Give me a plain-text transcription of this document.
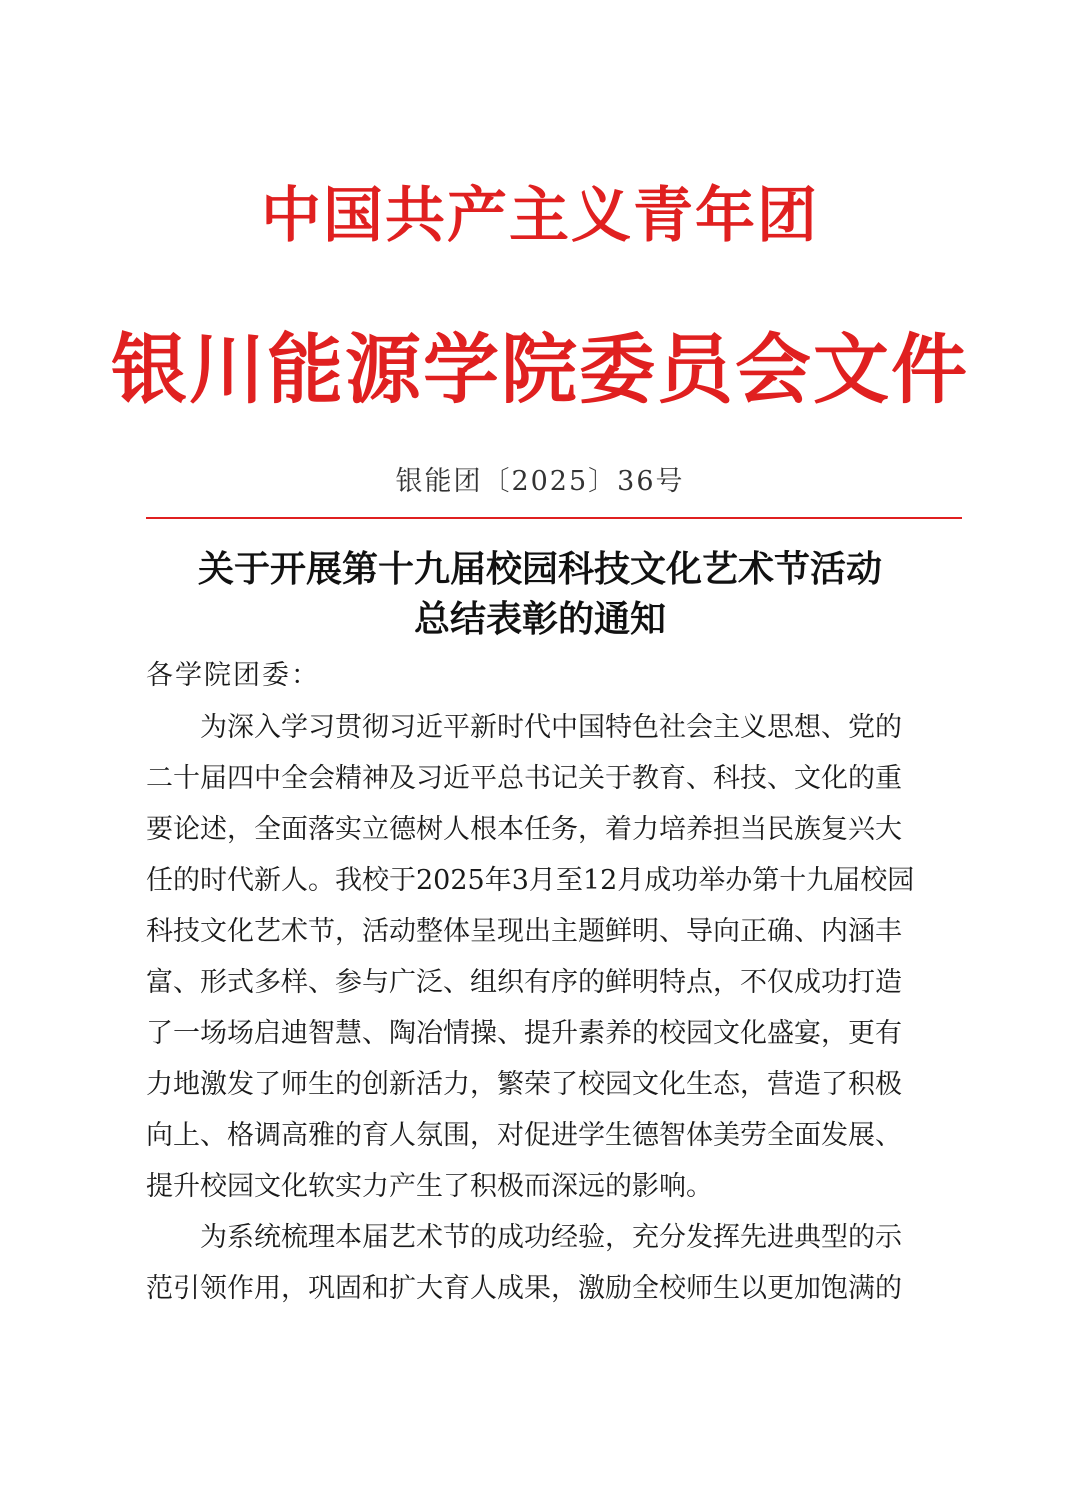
中国共产主义青年团
银川能源学院委员会文件
银能团〔2025〕36号
关于开展第十九届校园科技文化艺术节活动
总结表彰的通知
各学院团委：
为深入学习贯彻习近平新时代中国特色社会主义思想、党的
二十届四中全会精神及习近平总书记关于教育、科技、文化的重
要论述，全面落实立德树人根本任务，着力培养担当民族复兴大
任的时代新人。我校于2025年3月至12月成功举办第十九届校园
科技文化艺术节，活动整体呈现出主题鲜明、导向正确、内涵丰
富、形式多样、参与广泛、组织有序的鲜明特点，不仅成功打造
了一场场启迪智慧、陶冶情操、提升素养的校园文化盛宴，更有
力地激发了师生的创新活力，繁荣了校园文化生态，营造了积极
向上、格调高雅的育人氛围，对促进学生德智体美劳全面发展、
提升校园文化软实力产生了积极而深远的影响。
为系统梳理本届艺术节的成功经验，充分发挥先进典型的示
范引领作用，巩固和扩大育人成果，激励全校师生以更加饱满的
